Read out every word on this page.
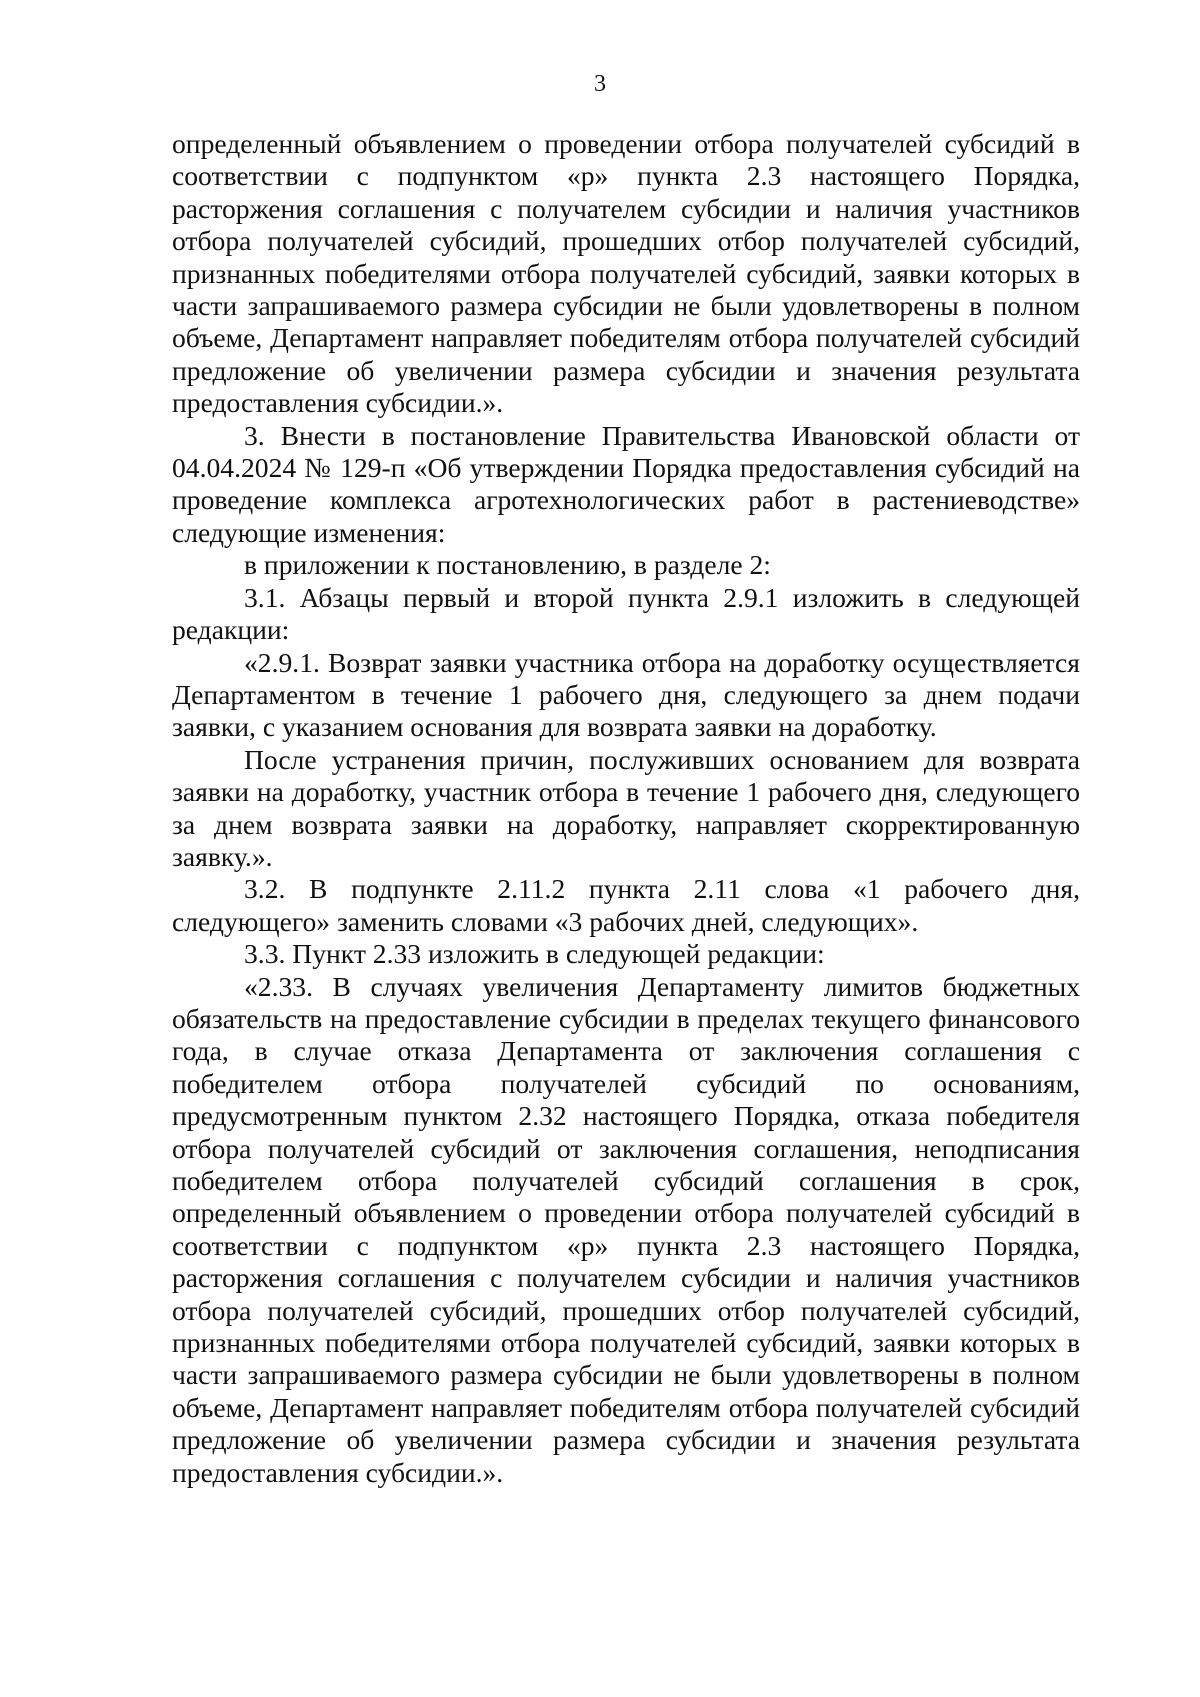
3

определенный объявлением о проведении отбора получателей субсидий в соответствии с подпунктом «р» пункта 2.3 настоящего Порядка, расторжения соглашения с получателем субсидии и наличия участников отбора получателей субсидий, прошедших отбор получателей субсидий, признанных победителями отбора получателей субсидий, заявки которых в части запрашиваемого размера субсидии не были удовлетворены в полном объеме, Департамент направляет победителям отбора получателей субсидий предложение об увеличении размера субсидии и значения результата предоставления субсидии.».

3. Внести в постановление Правительства Ивановской области от 04.04.2024 № 129-п «Об утверждении Порядка предоставления субсидий на проведение комплекса агротехнологических работ в растениеводстве» следующие изменения:

в приложении к постановлению, в разделе 2:

3.1. Абзацы первый и второй пункта 2.9.1 изложить в следующей редакции:

«2.9.1. Возврат заявки участника отбора на доработку осуществляется Департаментом в течение 1 рабочего дня, следующего за днем подачи заявки, с указанием основания для возврата заявки на доработку.

После устранения причин, послуживших основанием для возврата заявки на доработку, участник отбора в течение 1 рабочего дня, следующего за днем возврата заявки на доработку, направляет скорректированную заявку.».

3.2. В подпункте 2.11.2 пункта 2.11 слова «1 рабочего дня, следующего» заменить словами «3 рабочих дней, следующих».

3.3. Пункт 2.33 изложить в следующей редакции:

«2.33. В случаях увеличения Департаменту лимитов бюджетных обязательств на предоставление субсидии в пределах текущего финансового года, в случае отказа Департамента от заключения соглашения с победителем отбора получателей субсидий по основаниям, предусмотренным пунктом 2.32 настоящего Порядка, отказа победителя отбора получателей субсидий от заключения соглашения, неподписания победителем отбора получателей субсидий соглашения в срок, определенный объявлением о проведении отбора получателей субсидий в соответствии с подпунктом «р» пункта 2.3 настоящего Порядка, расторжения соглашения с получателем субсидии и наличия участников отбора получателей субсидий, прошедших отбор получателей субсидий, признанных победителями отбора получателей субсидий, заявки которых в части запрашиваемого размера субсидии не были удовлетворены в полном объеме, Департамент направляет победителям отбора получателей субсидий предложение об увеличении размера субсидии и значения результата предоставления субсидии.».
